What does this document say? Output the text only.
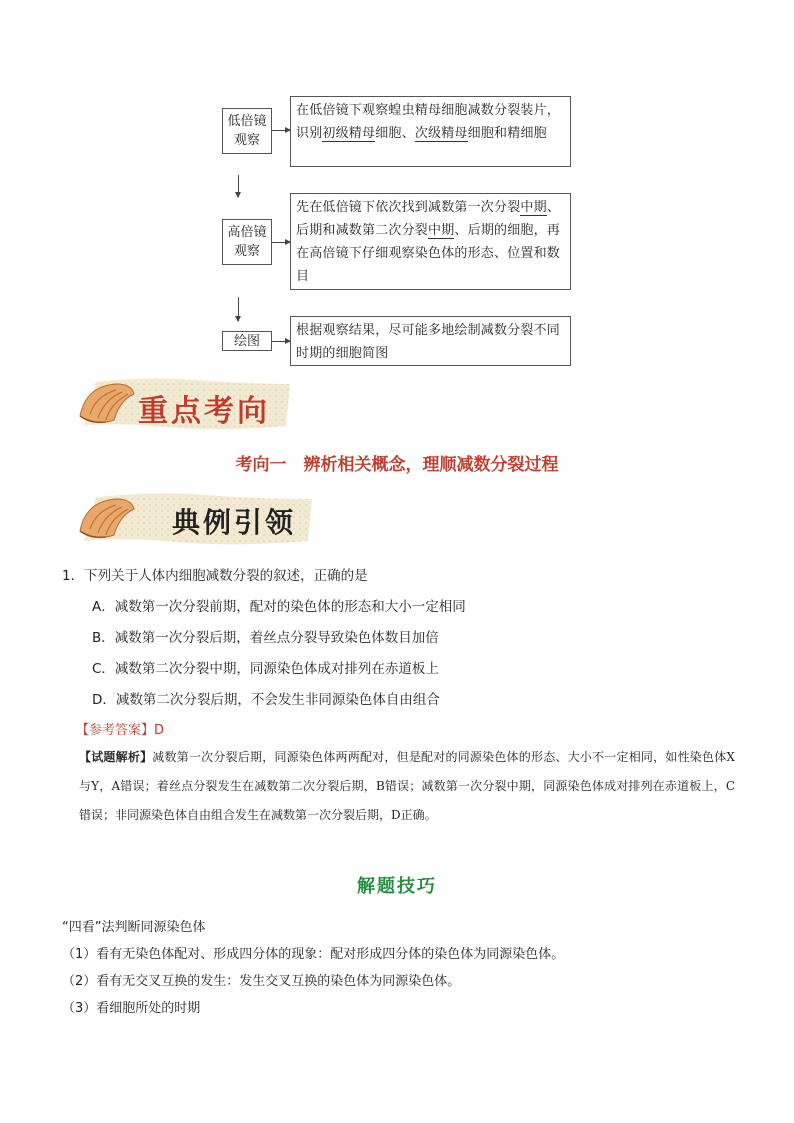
低倍镜
观察
在低倍镜下观察蝗虫精母细胞减数分裂装片，识别初级精母细胞、次级精母细胞和精细胞
高倍镜
观察
先在低倍镜下依次找到减数第一次分裂中期、后期和减数第二次分裂中期、后期的细胞，再在高倍镜下仔细观察染色体的形态、位置和数目
绘图
根据观察结果，尽可能多地绘制减数分裂不同时期的细胞简图
重点考向
考向一　辨析相关概念，理顺减数分裂过程
典例引领
1．下列关于人体内细胞减数分裂的叙述，正确的是
A．减数第一次分裂前期，配对的染色体的形态和大小一定相同
B．减数第一次分裂后期，着丝点分裂导致染色体数目加倍
C．减数第二次分裂中期，同源染色体成对排列在赤道板上
D．减数第二次分裂后期，不会发生非同源染色体自由组合
【参考答案】D
【试题解析】减数第一次分裂后期，同源染色体两两配对，但是配对的同源染色体的形态、大小不一定相同，如性染色体X与Y，A错误；着丝点分裂发生在减数第二次分裂后期，B错误；减数第一次分裂中期，同源染色体成对排列在赤道板上，C错误；非同源染色体自由组合发生在减数第一次分裂后期，D正确。
解题技巧
“四看”法判断同源染色体
（1）看有无染色体配对、形成四分体的现象：配对形成四分体的染色体为同源染色体。
（2）看有无交叉互换的发生：发生交叉互换的染色体为同源染色体。
（3）看细胞所处的时期
